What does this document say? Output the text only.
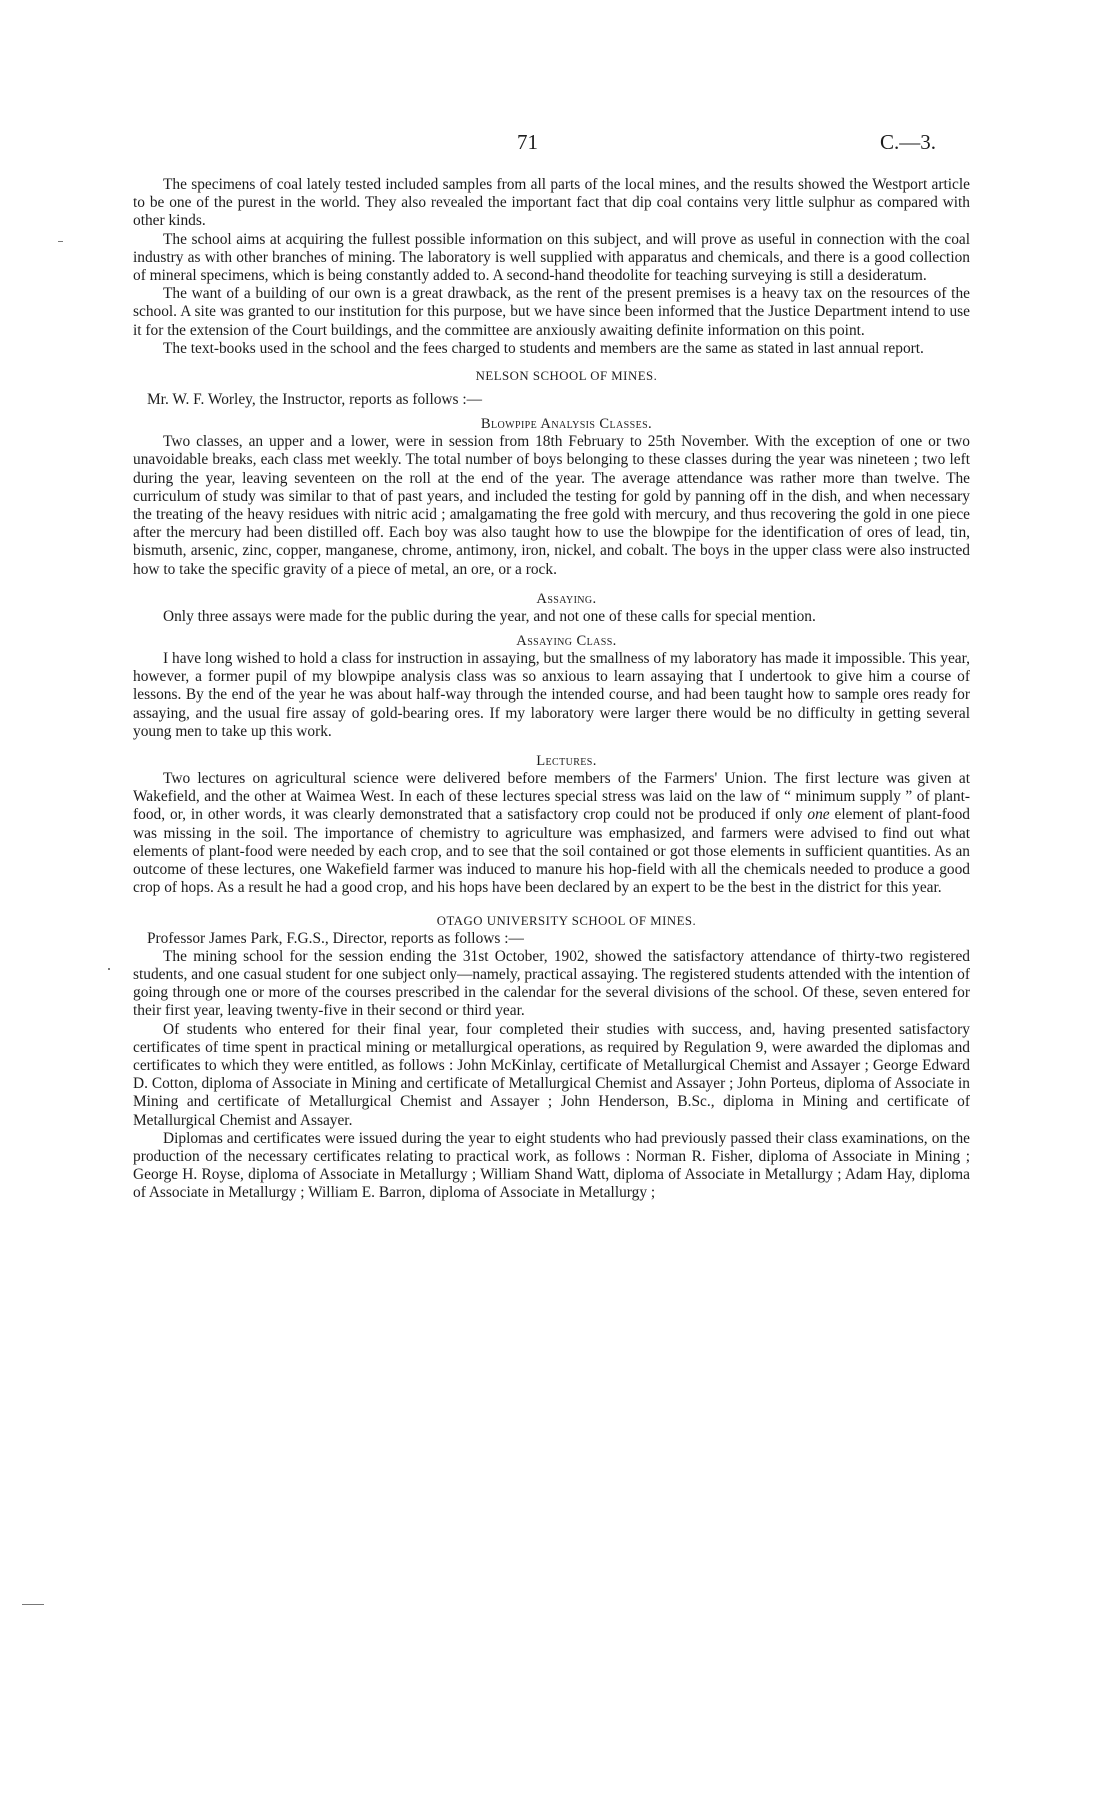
71	C.—3.

The specimens of coal lately tested included samples from all parts of the local mines, and the results showed the Westport article to be one of the purest in the world. They also revealed the important fact that dip coal contains very little sulphur as compared with other kinds.

The school aims at acquiring the fullest possible information on this subject, and will prove as useful in connection with the coal industry as with other branches of mining. The laboratory is well supplied with apparatus and chemicals, and there is a good collection of mineral specimens, which is being constantly added to. A second-hand theodolite for teaching surveying is still a desideratum.

The want of a building of our own is a great drawback, as the rent of the present premises is a heavy tax on the resources of the school. A site was granted to our institution for this purpose, but we have since been informed that the Justice Department intend to use it for the extension of the Court buildings, and the committee are anxiously awaiting definite information on this point.

The text-books used in the school and the fees charged to students and members are the same as stated in last annual report.

NELSON SCHOOL OF MINES.

Mr. W. F. Worley, the Instructor, reports as follows :—

Blowpipe Analysis Classes.

Two classes, an upper and a lower, were in session from 18th February to 25th November. With the exception of one or two unavoidable breaks, each class met weekly. The total number of boys belonging to these classes during the year was nineteen ; two left during the year, leaving seventeen on the roll at the end of the year. The average attendance was rather more than twelve. The curriculum of study was similar to that of past years, and included the testing for gold by panning off in the dish, and when necessary the treating of the heavy residues with nitric acid ; amalgamating the free gold with mercury, and thus recovering the gold in one piece after the mercury had been distilled off. Each boy was also taught how to use the blowpipe for the identification of ores of lead, tin, bismuth, arsenic, zinc, copper, manganese, chrome, antimony, iron, nickel, and cobalt. The boys in the upper class were also instructed how to take the specific gravity of a piece of metal, an ore, or a rock.

Assaying.

Only three assays were made for the public during the year, and not one of these calls for special mention.

Assaying Class.

I have long wished to hold a class for instruction in assaying, but the smallness of my laboratory has made it impossible. This year, however, a former pupil of my blowpipe analysis class was so anxious to learn assaying that I undertook to give him a course of lessons. By the end of the year he was about half-way through the intended course, and had been taught how to sample ores ready for assaying, and the usual fire assay of gold-bearing ores. If my laboratory were larger there would be no difficulty in getting several young men to take up this work.

Lectures.

Two lectures on agricultural science were delivered before members of the Farmers' Union. The first lecture was given at Wakefield, and the other at Waimea West. In each of these lectures special stress was laid on the law of “ minimum supply ” of plant-food, or, in other words, it was clearly demonstrated that a satisfactory crop could not be produced if only one element of plant-food was missing in the soil. The importance of chemistry to agriculture was emphasized, and farmers were advised to find out what elements of plant-food were needed by each crop, and to see that the soil contained or got those elements in sufficient quantities. As an outcome of these lectures, one Wakefield farmer was induced to manure his hop-field with all the chemicals needed to produce a good crop of hops. As a result he had a good crop, and his hops have been declared by an expert to be the best in the district for this year.

OTAGO UNIVERSITY SCHOOL OF MINES.

Professor James Park, F.G.S., Director, reports as follows :—

The mining school for the session ending the 31st October, 1902, showed the satisfactory attendance of thirty-two registered students, and one casual student for one subject only—namely, practical assaying. The registered students attended with the intention of going through one or more of the courses prescribed in the calendar for the several divisions of the school. Of these, seven entered for their first year, leaving twenty-five in their second or third year.

Of students who entered for their final year, four completed their studies with success, and, having presented satisfactory certificates of time spent in practical mining or metallurgical operations, as required by Regulation 9, were awarded the diplomas and certificates to which they were entitled, as follows : John McKinlay, certificate of Metallurgical Chemist and Assayer ; George Edward D. Cotton, diploma of Associate in Mining and certificate of Metallurgical Chemist and Assayer ; John Porteus, diploma of Associate in Mining and certificate of Metallurgical Chemist and Assayer ; John Henderson, B.Sc., diploma in Mining and certificate of Metallurgical Chemist and Assayer.

Diplomas and certificates were issued during the year to eight students who had previously passed their class examinations, on the production of the necessary certificates relating to practical work, as follows : Norman R. Fisher, diploma of Associate in Mining ; George H. Royse, diploma of Associate in Metallurgy ; William Shand Watt, diploma of Associate in Metallurgy ; Adam Hay, diploma of Associate in Metallurgy ; William E. Barron, diploma of Associate in Metallurgy ;
